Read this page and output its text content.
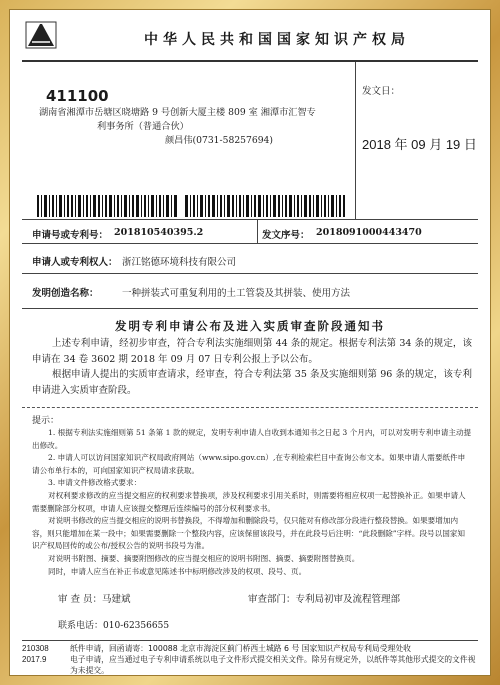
中华人民共和国国家知识产权局
411100
湖南省湘潭市岳塘区晓塘路 9 号创新大厦主楼 809 室 湘潭市汇智专
利事务所（普通合伙）
颜昌伟(0731-58257694)
发文日：
2018 年 09 月 19 日
申请号或专利号： 201810540395.2	发文序号： 2018091000443470
申请人或专利权人： 浙江铭德环境科技有限公司
发明创造名称： 一种拼装式可重复利用的土工管袋及其拼装、使用方法
发明专利申请公布及进入实质审查阶段通知书
上述专利申请，经初步审查，符合专利法实施细则第 44 条的规定。根据专利法第 34 条的规定，该申请在 34 卷 3602 期 2018 年 09 月 07 日专利公报上予以公布。
根据申请人提出的实质审查请求，经审查，符合专利法第 35 条及实施细则第 96 条的规定，该专利申请进入实质审查阶段。
提示：

1. 根据专利法实施细则第 51 条第 1 款的规定，发明专利申请人自收到本通知书之日起 3 个月内，可以对发明专利申请主动提出修改。

2. 申请人可以访问国家知识产权局政府网站（www.sipo.gov.cn）,在专利检索栏目中查询公布文本。如果申请人需要纸件申请公布单行本的，可向国家知识产权局请求获取。

3. 申请文件修改格式要求：

对权利要求修改的应当提交相应的权利要求替换项，涉及权利要求引用关系时，则需要将相应权项一起替换补正。如果申请人需要删除部分权项，申请人应该提交整理后连续编号的部分权利要求书。

对说明书修改的应当提交相应的说明书替换段，不得增加和删除段号，仅只能对有修改部分段进行整段替换。如果要增加内容，则只能增加在某一段中；如果需要删除一个整段内容，应该保留该段号，并在此段号后注明：“此段删除”字样。段号以国家知识产权局回传的或公布/授权公告的说明书段号为准。

对说明书附图、摘要、摘要附图修改的应当提交相应的说明书附图、摘要、摘要附图替换页。

同时，申请人应当在补正书或意见陈述书中标明修改涉及的权项、段号、页。

审 查 员：马建斌	审查部门：专利局初审及流程管理部
联系电话：010-62356655
210308
2017.9
纸件申请，回函请寄：100088 北京市海淀区蓟门桥西土城路 6 号 国家知识产权局专利局受理处收
电子申请，应当通过电子专利申请系统以电子文件形式提交相关文件。除另有规定外，以纸件等其他形式提交的文件视为未提交。
